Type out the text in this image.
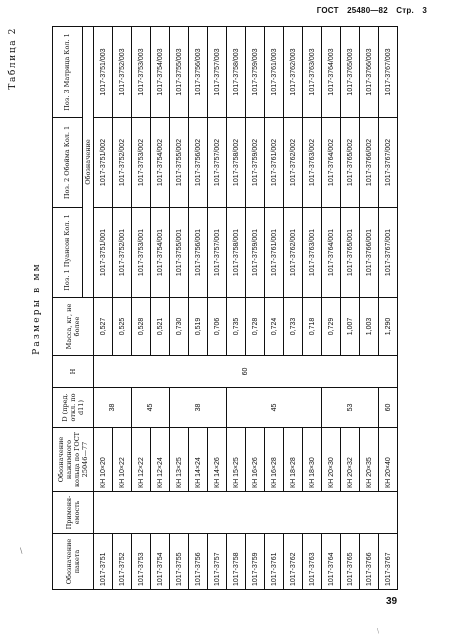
ГОСТ 25480—82 Стр. 3
\
Таблица 2
Размеры в мм
Обозначение пакета	Применя-емость	Обозначение нажимного кольца по ГОСТ 25046—77	D (пред. откл. по d11)	H	Масса, кг, не более	Поз. 1 Пуансон Кол. 1	Поз. 2 Обойма Кол. 1	Поз. 3 Матрица Кол. 1
						Обозначение		
1017-3751		КН 10×20	38	60	0,527	1017-3751/001	1017-3751/002	1017-3751/003
1017-3752		КН 10×22			0,525	1017-3752/001	1017-3752/002	1017-3752/003
1017-3753		КН 12×22	45		0,528	1017-3753/001	1017-3753/002	1017-3753/003
1017-3754		КН 12×24			0,521	1017-3754/001	1017-3754/002	1017-3754/003
1017-3755		КН 13×25	38		0,730	1017-3755/001	1017-3755/002	1017-3755/003
1017-3756		КН 14×24			0,519	1017-3756/001	1017-3756/002	1017-3756/003
1017-3757		КН 14×26			0,706	1017-3757/001	1017-3757/002	1017-3757/003
1017-3758		КН 15×25	45		0,735	1017-3758/001	1017-3758/002	1017-3758/003
1017-3759		КН 16×26			0,728	1017-3759/001	1017-3759/002	1017-3759/003
1017-3761		КН 16×28			0,724	1017-3761/001	1017-3761/002	1017-3761/003
1017-3762		КН 18×28			0,733	1017-3762/001	1017-3762/002	1017-3762/003
1017-3763		КН 18×30			0,718	1017-3763/001	1017-3763/002	1017-3763/003
1017-3764		КН 20×30	53		0,729	1017-3764/001	1017-3764/002	1017-3764/003
1017-3765		КН 20×32			1,007	1017-3765/001	1017-3765/002	1017-3765/003
1017-3766		КН 20×35			1,003	1017-3766/001	1017-3766/002	1017-3766/003
1017-3767		КН 20×40	60		1,290	1017-3767/001	1017-3767/002	1017-3767/003
39
\
